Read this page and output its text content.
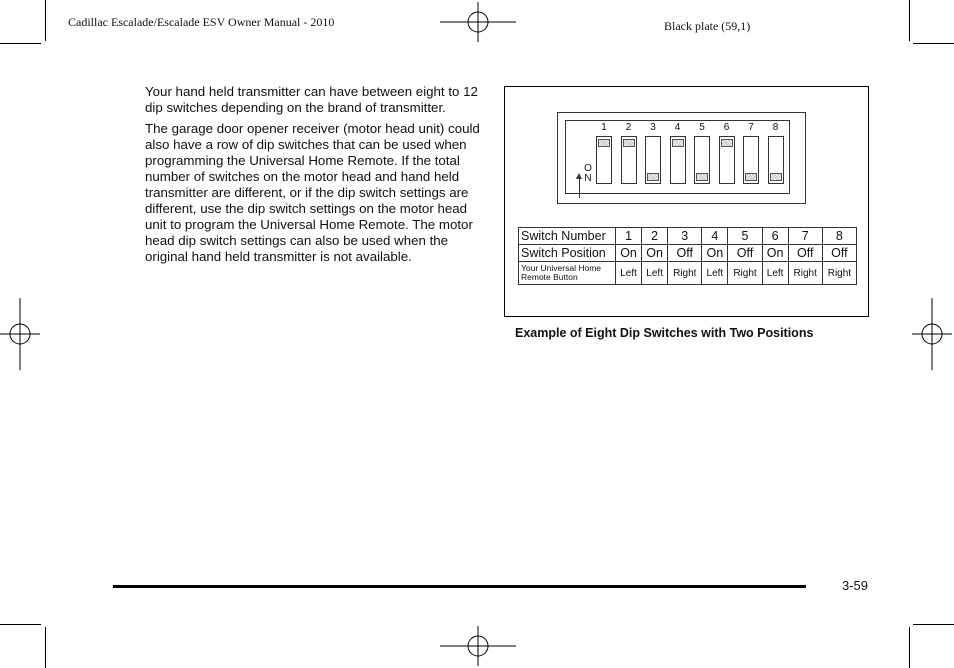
Cadillac Escalade/Escalade ESV Owner Manual - 2010	Black plate (59,1)

Your hand held transmitter can have between eight to 12 dip switches depending on the brand of transmitter.

The garage door opener receiver (motor head unit) could also have a row of dip switches that can be used when programming the Universal Home Remote. If the total number of switches on the motor head and hand held transmitter are different, or if the dip switch settings are different, use the dip switch settings on the motor head unit to program the Universal Home Remote. The motor head dip switch settings can also be used when the original hand held transmitter is not available.

O
N
1	2	3	4	5	6	7	8
Switch Number	1	2	3	4	5	6	7	8
Switch Position	On	On	Off	On	Off	On	Off	Off

Your Universal Home
Remote Button	Left	Left	Right	Left	Right	Left	Right	Right
Example of Eight Dip Switches with Two Positions
3-59
